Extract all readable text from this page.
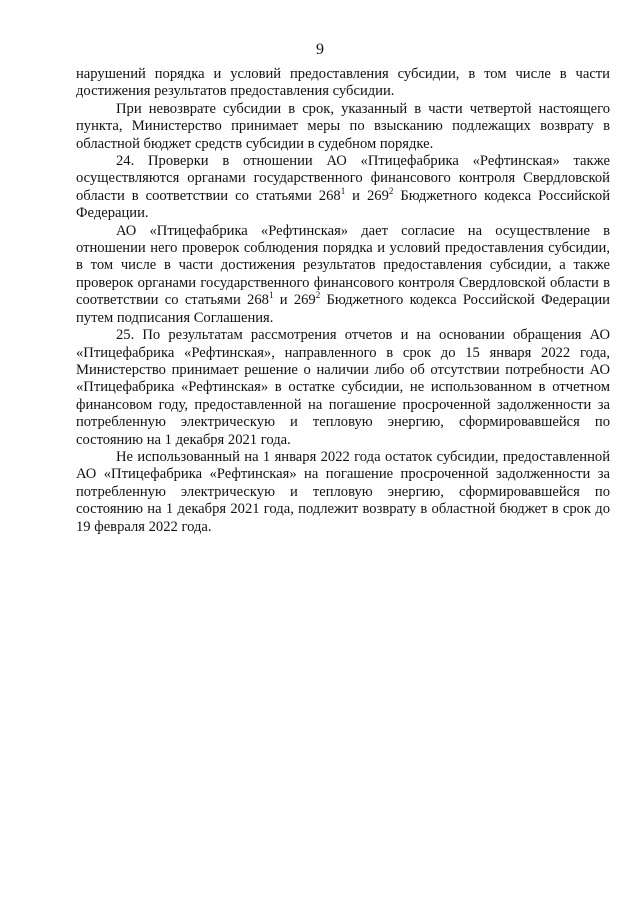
9

нарушений порядка и условий предоставления субсидии, в том числе в части достижения результатов предоставления субсидии.

При невозврате субсидии в срок, указанный в части четвертой настоящего пункта, Министерство принимает меры по взысканию подлежащих возврату в областной бюджет средств субсидии в судебном порядке.

24. Проверки в отношении АО «Птицефабрика «Рефтинская» также осуществляются органами государственного финансового контроля Свердловской области в соответствии со статьями $268^1$ и $269^2$ Бюджетного кодекса Российской Федерации.

АО «Птицефабрика «Рефтинская» дает согласие на осуществление в отношении него проверок соблюдения порядка и условий предоставления субсидии, в том числе в части достижения результатов предоставления субсидии, а также проверок органами государственного финансового контроля Свердловской области в соответствии со статьями $268^1$ и $269^2$ Бюджетного кодекса Российской Федерации путем подписания Соглашения.

25. По результатам рассмотрения отчетов и на основании обращения АО «Птицефабрика «Рефтинская», направленного в срок до 15 января 2022 года, Министерство принимает решение о наличии либо об отсутствии потребности АО «Птицефабрика «Рефтинская» в остатке субсидии, не использованном в отчетном финансовом году, предоставленной на погашение просроченной задолженности за потребленную электрическую и тепловую энергию, сформировавшейся по состоянию на 1 декабря 2021 года.

Не использованный на 1 января 2022 года остаток субсидии, предоставленной АО «Птицефабрика «Рефтинская» на погашение просроченной задолженности за потребленную электрическую и тепловую энергию, сформировавшейся по состоянию на 1 декабря 2021 года, подлежит возврату в областной бюджет в срок до 19 февраля 2022 года.
